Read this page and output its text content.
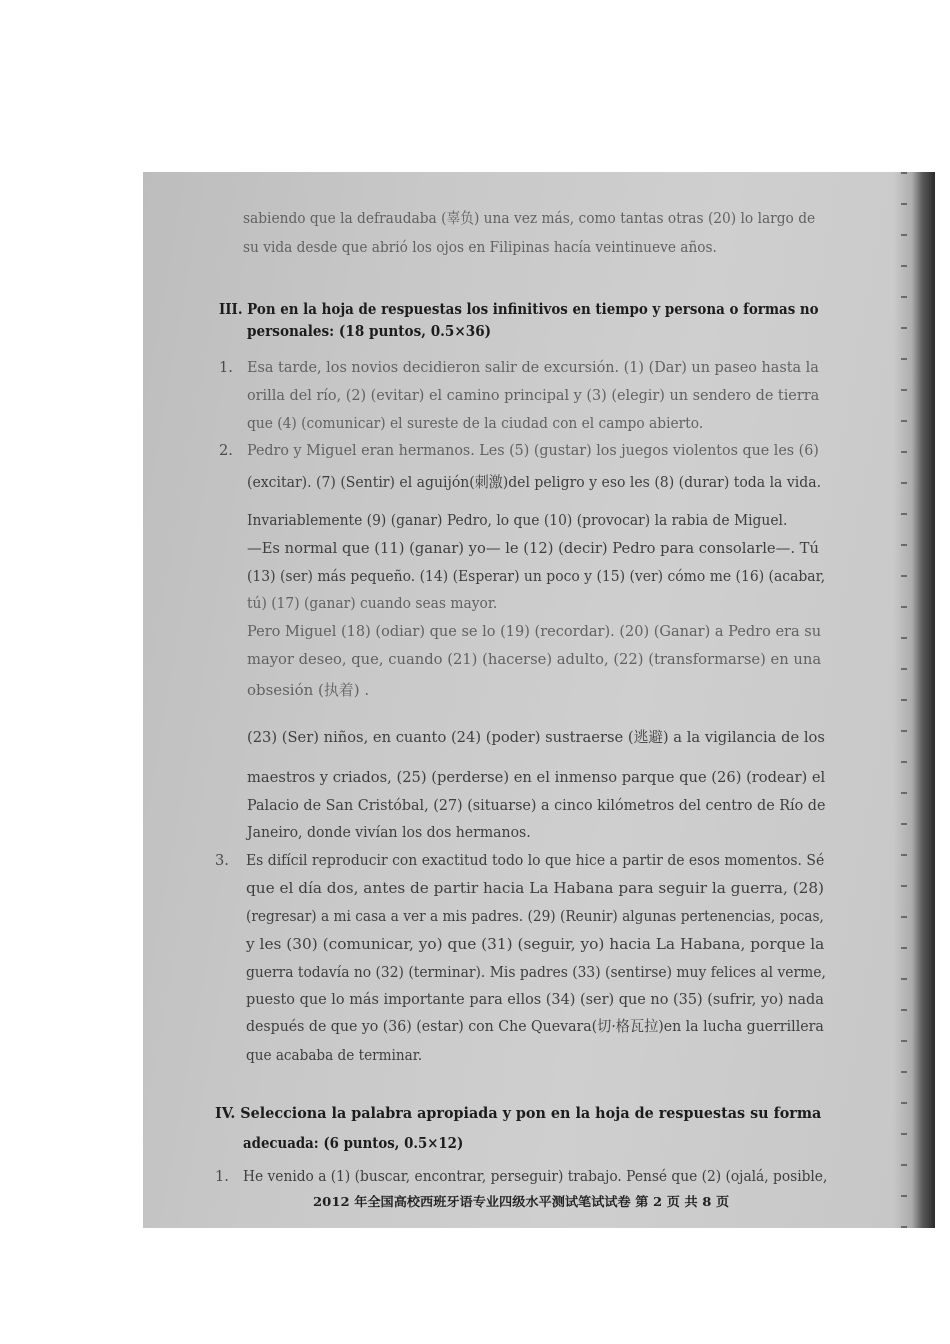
sabiendo que la defraudaba (辜负) una vez más, como tantas otras (20) lo largo de
su vida desde que abrió los ojos en Filipinas hacía veintinueve años.
III. Pon en la hoja de respuestas los infinitivos en tiempo y persona o formas no
personales: (18 puntos, 0.5×36)
1. Esa tarde, los novios decidieron salir de excursión. (1) (Dar) un paseo hasta la
orilla del río, (2) (evitar) el camino principal y (3) (elegir) un sendero de tierra
que (4) (comunicar) el sureste de la ciudad con el campo abierto.
2. Pedro y Miguel eran hermanos. Les (5) (gustar) los juegos violentos que les (6)
(excitar). (7) (Sentir) el aguijón(刺激)del peligro y eso les (8) (durar) toda la vida.
Invariablemente (9) (ganar) Pedro, lo que (10) (provocar) la rabia de Miguel.
—Es normal que (11) (ganar) yo— le (12) (decir) Pedro para consolarle—. Tú
(13) (ser) más pequeño. (14) (Esperar) un poco y (15) (ver) cómo me (16) (acabar,
tú) (17) (ganar) cuando seas mayor.
Pero Miguel (18) (odiar) que se lo (19) (recordar). (20) (Ganar) a Pedro era su
mayor deseo, que, cuando (21) (hacerse) adulto, (22) (transformarse) en una
obsesión (执着) .
(23) (Ser) niños, en cuanto (24) (poder) sustraerse (逃避) a la vigilancia de los
maestros y criados, (25) (perderse) en el inmenso parque que (26) (rodear) el
Palacio de San Cristóbal, (27) (situarse) a cinco kilómetros del centro de Río de
Janeiro, donde vivían los dos hermanos.
3. Es difícil reproducir con exactitud todo lo que hice a partir de esos momentos. Sé
que el día dos, antes de partir hacia La Habana para seguir la guerra, (28)
(regresar) a mi casa a ver a mis padres. (29) (Reunir) algunas pertenencias, pocas,
y les (30) (comunicar, yo) que (31) (seguir, yo) hacia La Habana, porque la
guerra todavía no (32) (terminar). Mis padres (33) (sentirse) muy felices al verme,
puesto que lo más importante para ellos (34) (ser) que no (35) (sufrir, yo) nada
después de que yo (36) (estar) con Che Quevara(切·格瓦拉)en la lucha guerrillera
que acababa de terminar.
IV. Selecciona la palabra apropiada y pon en la hoja de respuestas su forma
adecuada: (6 puntos, 0.5×12)
1. He venido a (1) (buscar, encontrar, perseguir) trabajo. Pensé que (2) (ojalá, posible,
2012 年全国高校西班牙语专业四级水平测试笔试试卷 第 2 页 共 8 页
